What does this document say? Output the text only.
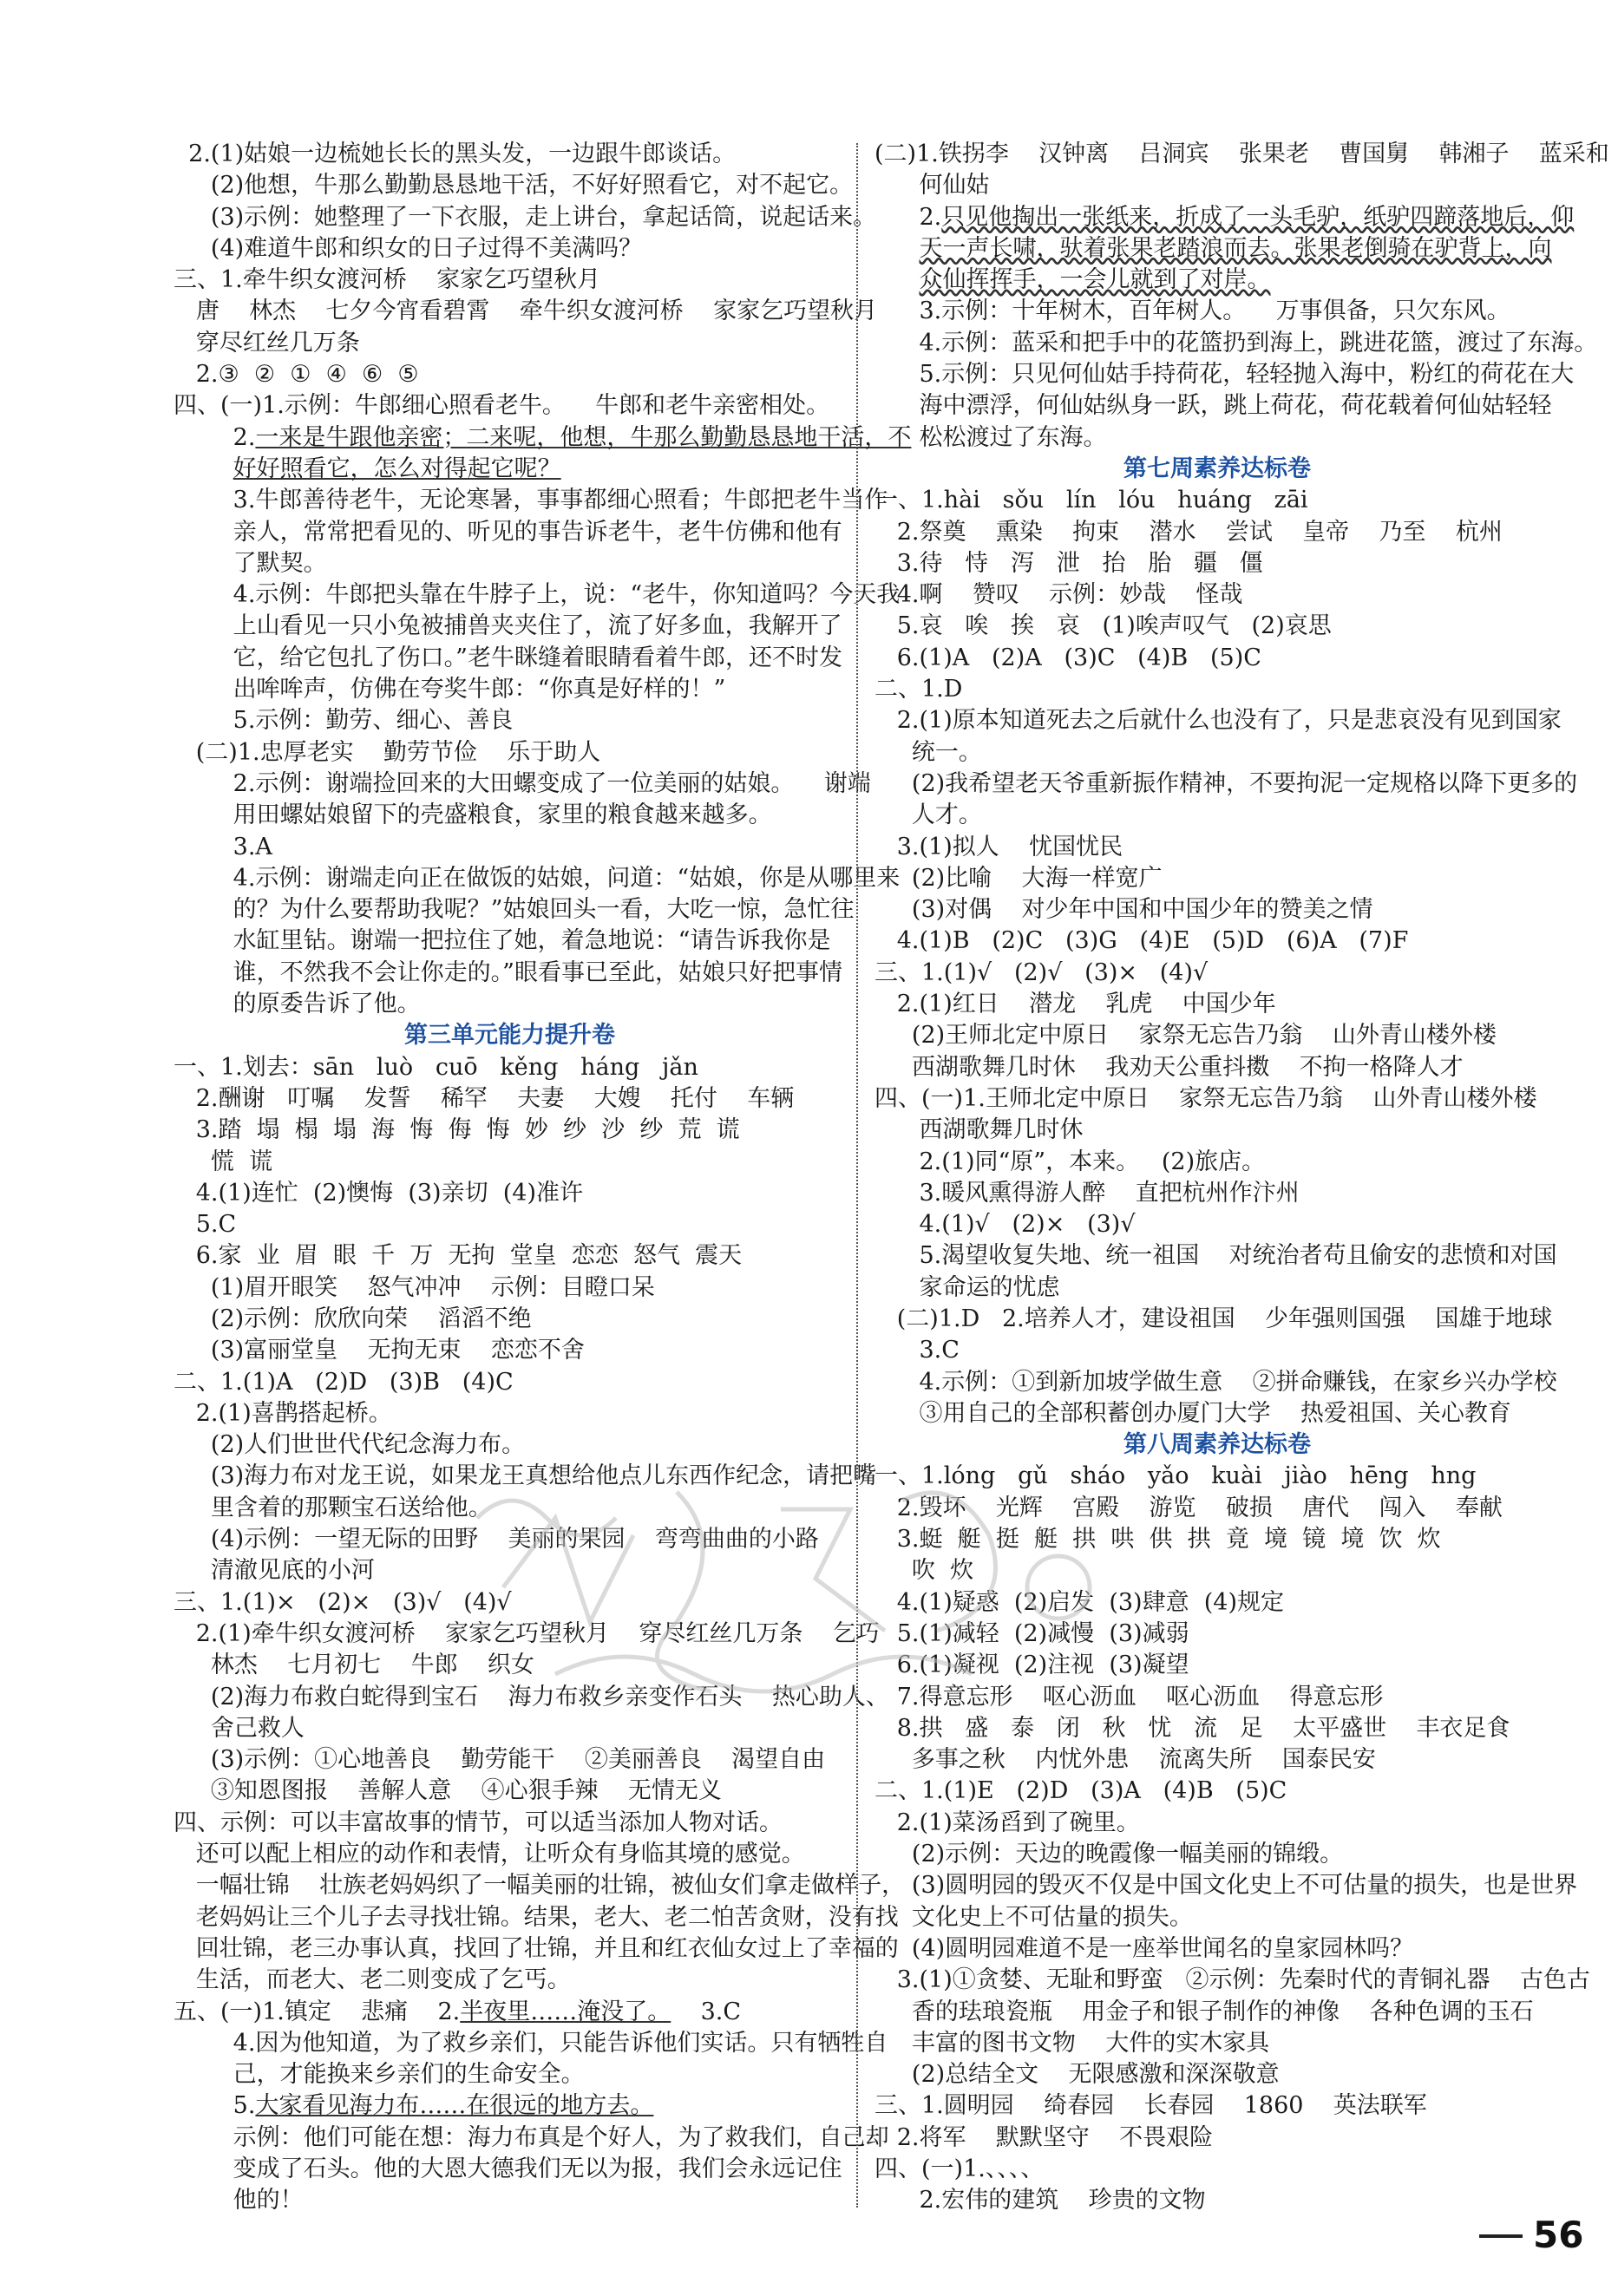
2.(1)姑娘一边梳她长长的黑头发，一边跟牛郎谈话。
(2)他想，牛那么勤勤恳恳地干活，不好好照看它，对不起它。
(3)示例：她整理了一下衣服，走上讲台，拿起话筒，说起话来。
(4)难道牛郎和织女的日子过得不美满吗？
三、1.牵牛织女渡河桥    家家乞巧望秋月
唐    林杰    七夕今宵看碧霄    牵牛织女渡河桥    家家乞巧望秋月
穿尽红丝几万条
2.③  ②  ①  ④  ⑥  ⑤
四、(一)1.示例：牛郎细心照看老牛。    牛郎和老牛亲密相处。
2.一来是牛跟他亲密；二来呢，他想，牛那么勤勤恳恳地干活，不
好好照看它，怎么对得起它呢？
3.牛郎善待老牛，无论寒暑，事事都细心照看；牛郎把老牛当作
亲人，常常把看见的、听见的事告诉老牛，老牛仿佛和他有
了默契。
4.示例：牛郎把头靠在牛脖子上，说：“老牛，你知道吗？今天我
上山看见一只小兔被捕兽夹夹住了，流了好多血，我解开了
它，给它包扎了伤口。”老牛眯缝着眼睛看着牛郎，还不时发
出哞哞声，仿佛在夸奖牛郎：“你真是好样的！”
5.示例：勤劳、细心、善良
(二)1.忠厚老实    勤劳节俭    乐于助人
2.示例：谢端捡回来的大田螺变成了一位美丽的姑娘。    谢端
用田螺姑娘留下的壳盛粮食，家里的粮食越来越多。
3.A
4.示例：谢端走向正在做饭的姑娘，问道：“姑娘，你是从哪里来
的？为什么要帮助我呢？”姑娘回头一看，大吃一惊，急忙往
水缸里钻。谢端一把拉住了她，着急地说：“请告诉我你是
谁，不然我不会让你走的。”眼看事已至此，姑娘只好把事情
的原委告诉了他。
第三单元能力提升卷
一、1.划去：sān   luò   cuō   kěng   háng   jǎn
2.酬谢   叮嘱    发誓    稀罕    夫妻    大嫂    托付    车辆
3.踏  塌  榻  塌  海  悔  侮  悔  妙  纱  沙  纱  荒  谎
慌  谎
4.(1)连忙  (2)懊悔  (3)亲切  (4)准许
5.C
6.家  业  眉  眼  千  万  无拘  堂皇  恋恋  怒气  震天
(1)眉开眼笑    怒气冲冲    示例：目瞪口呆
(2)示例：欣欣向荣    滔滔不绝
(3)富丽堂皇    无拘无束    恋恋不舍
二、1.(1)A   (2)D   (3)B   (4)C
2.(1)喜鹊搭起桥。
(2)人们世世代代纪念海力布。
(3)海力布对龙王说，如果龙王真想给他点儿东西作纪念，请把嘴
里含着的那颗宝石送给他。
(4)示例：一望无际的田野    美丽的果园    弯弯曲曲的小路
清澈见底的小河
三、1.(1)×   (2)×   (3)√   (4)√
2.(1)牵牛织女渡河桥    家家乞巧望秋月    穿尽红丝几万条    乞巧
林杰    七月初七    牛郎    织女
(2)海力布救白蛇得到宝石    海力布救乡亲变作石头    热心助人、
舍己救人
(3)示例：①心地善良    勤劳能干    ②美丽善良    渴望自由
③知恩图报    善解人意    ④心狠手辣    无情无义
四、示例：可以丰富故事的情节，可以适当添加人物对话。
还可以配上相应的动作和表情，让听众有身临其境的感觉。
一幅壮锦    壮族老妈妈织了一幅美丽的壮锦，被仙女们拿走做样子，
老妈妈让三个儿子去寻找壮锦。结果，老大、老二怕苦贪财，没有找
回壮锦，老三办事认真，找回了壮锦，并且和红衣仙女过上了幸福的
生活，而老大、老二则变成了乞丐。
五、(一)1.镇定    悲痛    2.半夜里……淹没了。    3.C
4.因为他知道，为了救乡亲们，只能告诉他们实话。只有牺牲自
己，才能换来乡亲们的生命安全。
5.大家看见海力布……在很远的地方去。
示例：他们可能在想：海力布真是个好人，为了救我们，自己却
变成了石头。他的大恩大德我们无以为报，我们会永远记住
他的！
(二)1.铁拐李    汉钟离    吕洞宾    张果老    曹国舅    韩湘子    蓝采和
何仙姑
2.只见他掏出一张纸来，折成了一头毛驴，纸驴四蹄落地后，仰
天一声长啸，驮着张果老踏浪而去。张果老倒骑在驴背上，向
众仙挥挥手，一会儿就到了对岸。
3.示例：十年树木，百年树人。    万事俱备，只欠东风。
4.示例：蓝采和把手中的花篮扔到海上，跳进花篮，渡过了东海。
5.示例：只见何仙姑手持荷花，轻轻抛入海中，粉红的荷花在大
海中漂浮，何仙姑纵身一跃，跳上荷花，荷花载着何仙姑轻轻
松松渡过了东海。
第七周素养达标卷
一、1.hài   sǒu   lín   lóu   huáng   zāi
2.祭奠    熏染    拘束    潜水    尝试    皇帝    乃至    杭州
3.待   恃   泻   泄   抬   胎   疆   僵
4.啊    赞叹    示例：妙哉    怪哉
5.哀   唉   挨   哀   (1)唉声叹气   (2)哀思
6.(1)A   (2)A   (3)C   (4)B   (5)C
二、1.D
2.(1)原本知道死去之后就什么也没有了，只是悲哀没有见到国家
统一。
(2)我希望老天爷重新振作精神，不要拘泥一定规格以降下更多的
人才。
3.(1)拟人    忧国忧民
(2)比喻    大海一样宽广
(3)对偶    对少年中国和中国少年的赞美之情
4.(1)B   (2)C   (3)G   (4)E   (5)D   (6)A   (7)F
三、1.(1)√   (2)√   (3)×   (4)√
2.(1)红日    潜龙    乳虎    中国少年
(2)王师北定中原日    家祭无忘告乃翁    山外青山楼外楼
西湖歌舞几时休    我劝天公重抖擞    不拘一格降人才
四、(一)1.王师北定中原日    家祭无忘告乃翁    山外青山楼外楼
西湖歌舞几时休
2.(1)同“原”，本来。   (2)旅店。
3.暖风熏得游人醉    直把杭州作汴州
4.(1)√   (2)×   (3)√
5.渴望收复失地、统一祖国    对统治者苟且偷安的悲愤和对国
家命运的忧虑
(二)1.D   2.培养人才，建设祖国    少年强则国强    国雄于地球
3.C
4.示例：①到新加坡学做生意    ②拼命赚钱，在家乡兴办学校
③用自己的全部积蓄创办厦门大学    热爱祖国、关心教育
第八周素养达标卷
一、1.lóng   gǔ   sháo   yǎo   kuài   jiào   hēng   hng
2.毁坏    光辉    宫殿    游览    破损    唐代    闯入    奉献
3.蜓  艇  挺  艇  拱  哄  供  拱  竟  境  镜  境  饮  炊
吹  炊
4.(1)疑惑  (2)启发  (3)肆意  (4)规定
5.(1)减轻  (2)减慢  (3)减弱
6.(1)凝视  (2)注视  (3)凝望
7.得意忘形    呕心沥血    呕心沥血    得意忘形
8.拱   盛   泰   闭   秋   忧   流   足    太平盛世    丰衣足食
多事之秋    内忧外患    流离失所    国泰民安
二、1.(1)E   (2)D   (3)A   (4)B   (5)C
2.(1)菜汤舀到了碗里。
(2)示例：天边的晚霞像一幅美丽的锦缎。
(3)圆明园的毁灭不仅是中国文化史上不可估量的损失，也是世界
文化史上不可估量的损失。
(4)圆明园难道不是一座举世闻名的皇家园林吗？
3.(1)①贪婪、无耻和野蛮   ②示例：先秦时代的青铜礼器    古色古
香的珐琅瓷瓶    用金子和银子制作的神像    各种色调的玉石
丰富的图书文物    大件的实木家具
(2)总结全文    无限感激和深深敬意
三、1.圆明园    绮春园    长春园    1860    英法联军
2.将军    默默坚守    不畏艰险
四、(一)1.、、、、
2.宏伟的建筑    珍贵的文物
56
